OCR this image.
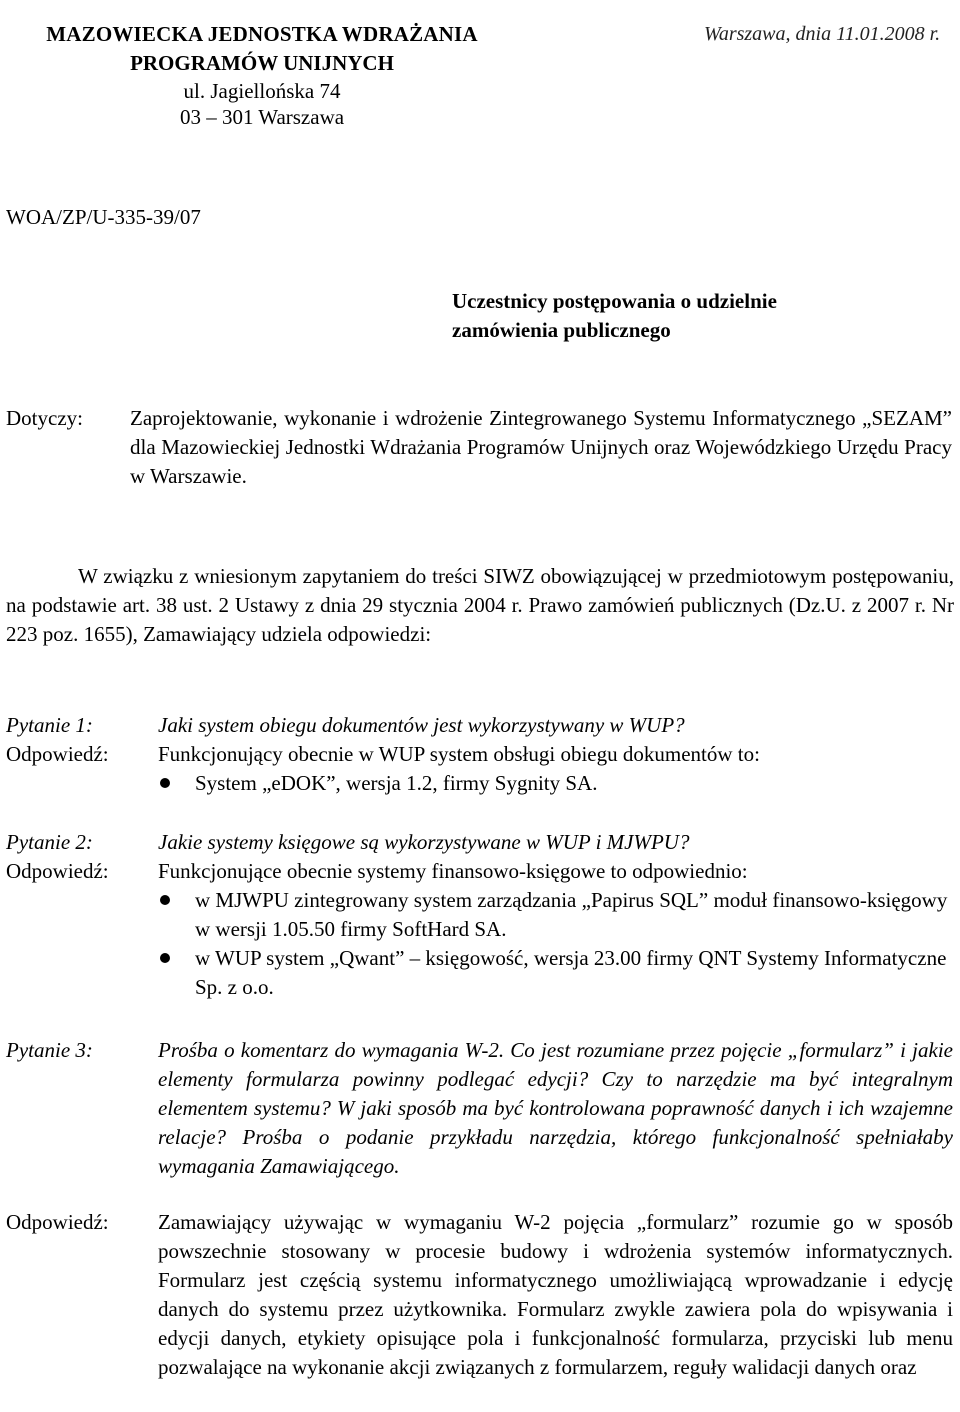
MAZOWIECKA JEDNOSTKA WDRAŻANIA
PROGRAMÓW UNIJNYCH
ul. Jagiellońska 74
03 – 301 Warszawa
Warszawa, dnia 11.01.2008 r.
WOA/ZP/U-335-39/07
Uczestnicy postępowania o udzielnie
zamówienia publicznego
Dotyczy: Zaprojektowanie, wykonanie i wdrożenie Zintegrowanego Systemu Informatycznego „SEZAM” dla Mazowieckiej Jednostki Wdrażania Programów Unijnych oraz Wojewódzkiego Urzędu Pracy w Warszawie.
W związku z wniesionym zapytaniem do treści SIWZ obowiązującej w przedmiotowym postępowaniu, na podstawie art. 38 ust. 2 Ustawy z dnia 29 stycznia 2004 r. Prawo zamówień publicznych (Dz.U. z 2007 r. Nr 223 poz. 1655), Zamawiający udziela odpowiedzi:
Pytanie 1:	Jaki system obiegu dokumentów jest wykorzystywany w WUP?
Odpowiedź: Funkcjonujący obecnie w WUP system obsługi obiegu dokumentów to:
System „eDOK”, wersja 1.2, firmy Sygnity SA.
Pytanie 2:	Jakie systemy księgowe są wykorzystywane w WUP i MJWPU?
Odpowiedź: Funkcjonujące obecnie systemy finansowo-księgowe to odpowiednio:
w MJWPU zintegrowany system zarządzania „Papirus SQL” moduł finansowo-księgowy w wersji 1.05.50 firmy SoftHard SA.
w WUP system „Qwant” – księgowość, wersja 23.00 firmy QNT Systemy Informatyczne Sp. z o.o.
Pytanie 3:	Prośba o komentarz do wymagania W-2. Co jest rozumiane przez pojęcie „formularz” i jakie elementy formularza powinny podlegać edycji? Czy to narzędzie ma być integralnym elementem systemu? W jaki sposób ma być kontrolowana poprawność danych i ich wzajemne relacje? Prośba o podanie przykładu narzędzia, którego funkcjonalność spełniałaby wymagania Zamawiającego.
Odpowiedź: Zamawiający używając w wymaganiu W-2 pojęcia „formularz” rozumie go w sposób powszechnie stosowany w procesie budowy i wdrożenia systemów informatycznych. Formularz jest częścią systemu informatycznego umożliwiającą wprowadzanie i edycję danych do systemu przez użytkownika. Formularz zwykle zawiera pola do wpisywania i edycji danych, etykiety opisujące pola i funkcjonalność formularza, przyciski lub menu pozwalające na wykonanie akcji związanych z formularzem, reguły walidacji danych oraz
